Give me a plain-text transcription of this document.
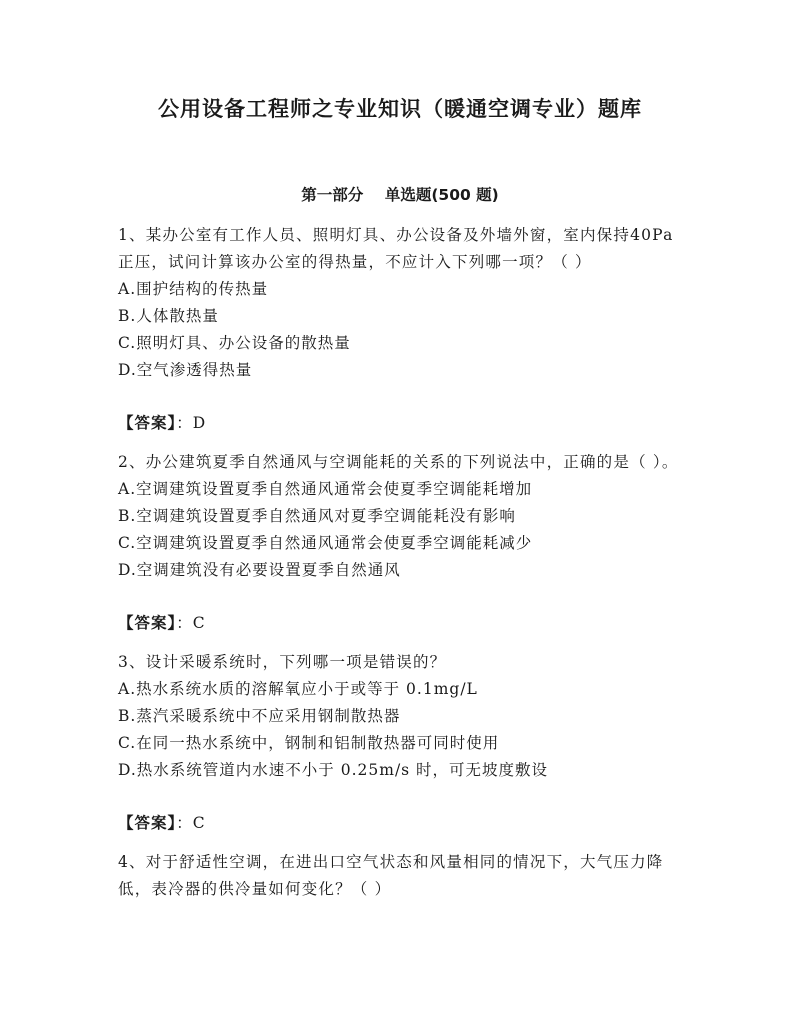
公用设备工程师之专业知识（暖通空调专业）题库
第一部分    单选题(500 题)

1、某办公室有工作人员、照明灯具、办公设备及外墙外窗，室内保持40Pa 正压，试问计算该办公室的得热量，不应计入下列哪一项？（ ）

A.围护结构的传热量

B.人体散热量

C.照明灯具、办公设备的散热量

D.空气渗透得热量

【答案】：D

2、办公建筑夏季自然通风与空调能耗的关系的下列说法中，正确的是（ ）。

A.空调建筑设置夏季自然通风通常会使夏季空调能耗增加

B.空调建筑设置夏季自然通风对夏季空调能耗没有影响

C.空调建筑设置夏季自然通风通常会使夏季空调能耗减少

D.空调建筑没有必要设置夏季自然通风

【答案】：C

3、设计采暖系统时，下列哪一项是错误的？

A.热水系统水质的溶解氧应小于或等于 0.1mg/L

B.蒸汽采暖系统中不应采用钢制散热器

C.在同一热水系统中，钢制和铝制散热器可同时使用

D.热水系统管道内水速不小于 0.25m/s 时，可无坡度敷设

【答案】：C

4、对于舒适性空调，在进出口空气状态和风量相同的情况下，大气压力降低，表冷器的供冷量如何变化？（ ）
